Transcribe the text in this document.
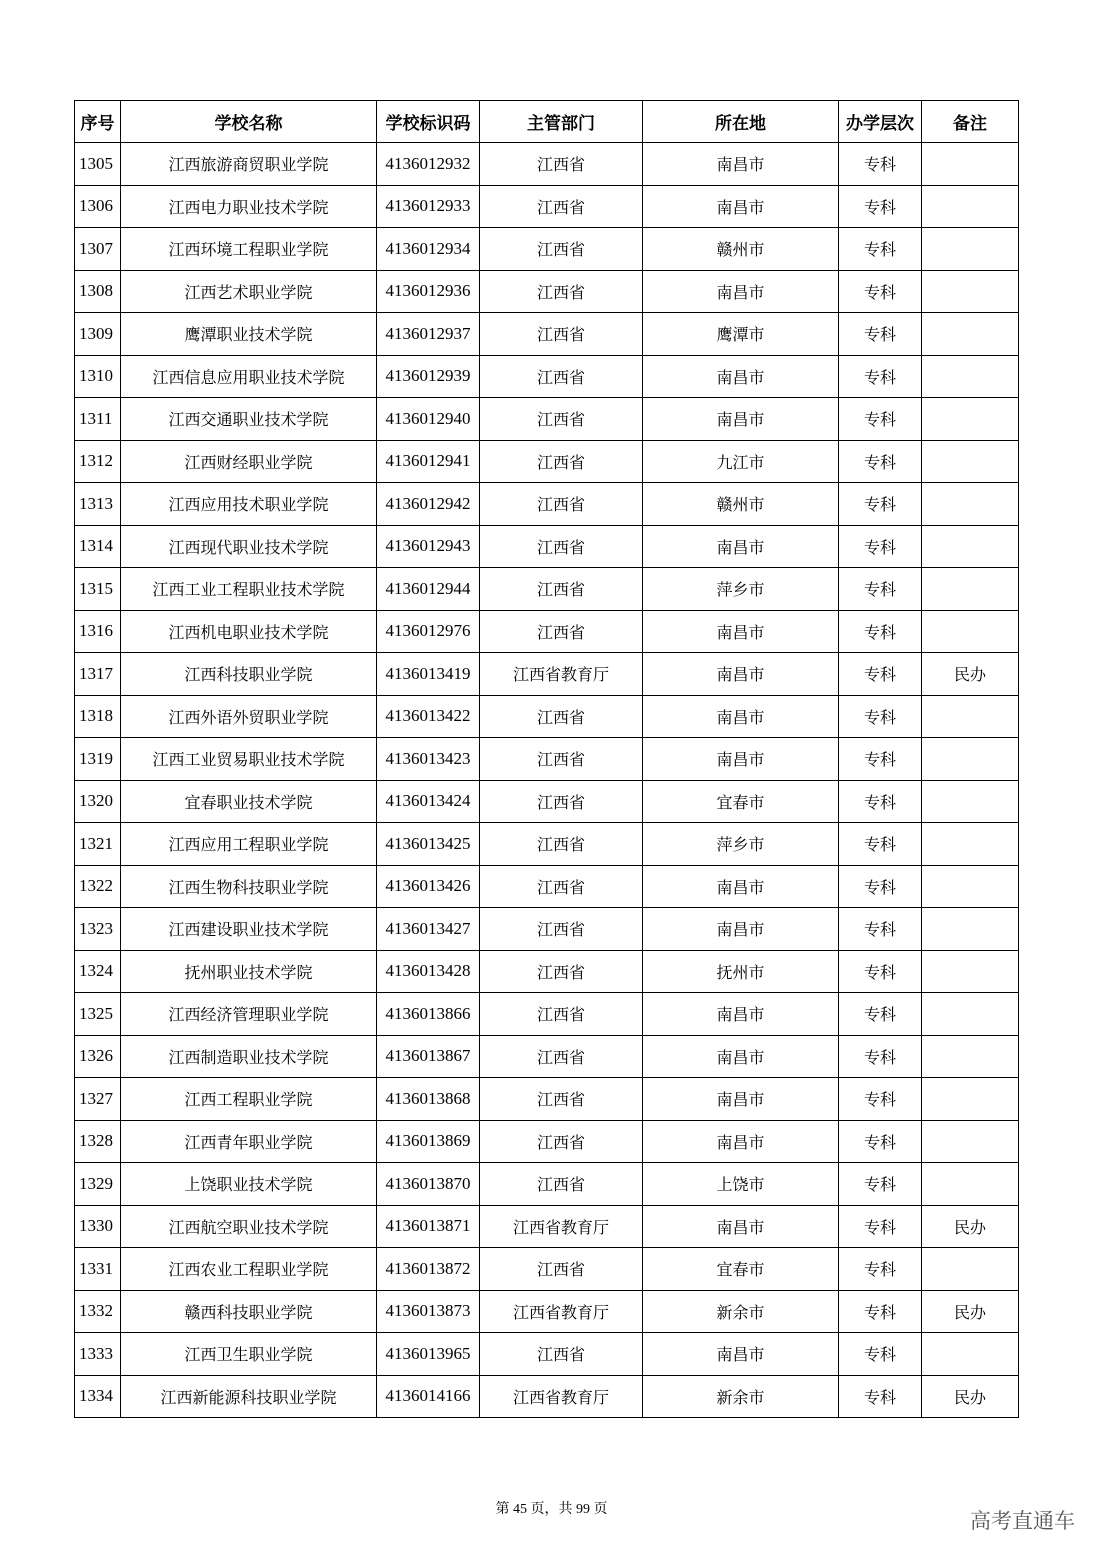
序号	学校名称	学校标识码	主管部门	所在地	办学层次	备注
1305	江西旅游商贸职业学院	4136012932	江西省	南昌市	专科	
1306	江西电力职业技术学院	4136012933	江西省	南昌市	专科	
1307	江西环境工程职业学院	4136012934	江西省	赣州市	专科	
1308	江西艺术职业学院	4136012936	江西省	南昌市	专科	
1309	鹰潭职业技术学院	4136012937	江西省	鹰潭市	专科	
1310	江西信息应用职业技术学院	4136012939	江西省	南昌市	专科	
1311	江西交通职业技术学院	4136012940	江西省	南昌市	专科	
1312	江西财经职业学院	4136012941	江西省	九江市	专科	
1313	江西应用技术职业学院	4136012942	江西省	赣州市	专科	
1314	江西现代职业技术学院	4136012943	江西省	南昌市	专科	
1315	江西工业工程职业技术学院	4136012944	江西省	萍乡市	专科	
1316	江西机电职业技术学院	4136012976	江西省	南昌市	专科	
1317	江西科技职业学院	4136013419	江西省教育厅	南昌市	专科	民办
1318	江西外语外贸职业学院	4136013422	江西省	南昌市	专科	
1319	江西工业贸易职业技术学院	4136013423	江西省	南昌市	专科	
1320	宜春职业技术学院	4136013424	江西省	宜春市	专科	
1321	江西应用工程职业学院	4136013425	江西省	萍乡市	专科	
1322	江西生物科技职业学院	4136013426	江西省	南昌市	专科	
1323	江西建设职业技术学院	4136013427	江西省	南昌市	专科	
1324	抚州职业技术学院	4136013428	江西省	抚州市	专科	
1325	江西经济管理职业学院	4136013866	江西省	南昌市	专科	
1326	江西制造职业技术学院	4136013867	江西省	南昌市	专科	
1327	江西工程职业学院	4136013868	江西省	南昌市	专科	
1328	江西青年职业学院	4136013869	江西省	南昌市	专科	
1329	上饶职业技术学院	4136013870	江西省	上饶市	专科	
1330	江西航空职业技术学院	4136013871	江西省教育厅	南昌市	专科	民办
1331	江西农业工程职业学院	4136013872	江西省	宜春市	专科	
1332	赣西科技职业学院	4136013873	江西省教育厅	新余市	专科	民办
1333	江西卫生职业学院	4136013965	江西省	南昌市	专科	
1334	江西新能源科技职业学院	4136014166	江西省教育厅	新余市	专科	民办
第 45 页，共 99 页	高考直通车
